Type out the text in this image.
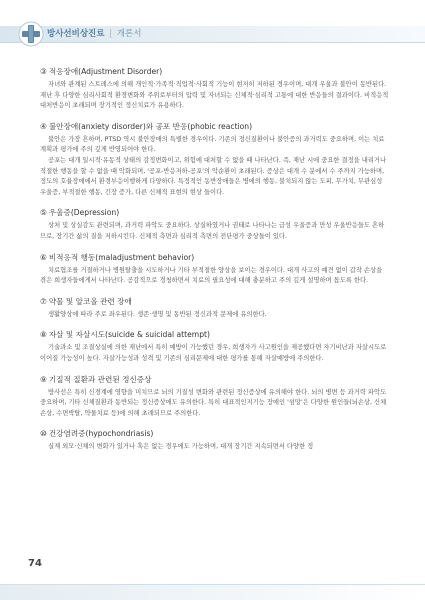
방사선비상진료 | 개론서
③ 적응장애(Adjustment Disorder)
자녀와 관계된 스트레스에 의해 개인적·가족적·직업적·사회적 기능이 현저히 저하된 경우이며, 대개 우울과 불안이 동반된다. 재난 후 다양한 심리사회적 환경변화와 주위로부터의 압력 및 자녀되는 신체적·심리적 고통에 대한 반응들의 결과이다. 비적응적 대처반응이 초래되며 장기적인 정신치료가 유용하다.
④ 불안장애(anxiety disorder)와 공포 반응(phobic reaction)
불안은 가장 흔하며, PTSD 역시 불안장애의 특별한 경우이다. 기존의 정신질환이나 불안증의 과거력도 중요하며, 이는 치료계획과 평가에 주의 깊게 반영되어야 한다.
공포는 대개 일시적·유동적 상태의 감정변화이고, 위험에 대처할 수 없을 때 나타난다. 즉, 재난 시에 중요한 결정을 내리거나 적절한 행동을 할 수 없을 때 악화되며, '공포-반응저하-공포'의 악순환이 초래된다. 증상은 대개 수 분에서 수 주까지 가능하며, 정도의 호율장애에서 환경부응이행하게 다양하다. 특정적인 동반장애들은 병에의 행동, 불치되지 않는 도피, 무가치, 무관심성 우울증, 부적절한 행동, 긴장 증가, 다른 신체적 표현의 현상 들이다.
⑤ 우울증(Depression)
상처 및 상실감도 관련되며, 과거력 파악도 중요하다. 상실하였거나 권태로 나타나는 급성 우울증과 만성 우울반응들도 흔하므로, 장기간 삶의 질을 저하시킨다. 신체적 측면과 심리적 측면의 전단평가 중상들이 있다.
⑥ 비적응적 행동(maladjustment behavior)
치료협조를 거절하거나 병원탈출을 시도하거나 기타 부적절한 양상을 보이는 경우이다. 대개 사고의 예견 없이 갑작 손상을 겪은 희생자들에게서 나타난다. 공감적으로 경청하면서 치료의 필요성에 대해 충분하고 주의 깊게 설명하며 돕도록 한다.
⑦ 약물 및 알코올 관련 장애
생활양상에 따라 주로 좌우된다. 생존·생명 및 동반된 정신과적 문제에 유의한다.
⑧ 자살 및 자살시도(suicide & suicidal attempt)
기술과소 및 조절상실에 의한 재난에서 특히 예방이 가능했던 경우, 희생자가 사고원인을 제공했다면 자기비난과 자살시도로 이어질 가능성이 높다. 자살가능성과 성격 및 기존의 심리문제에 대한 평가를 통해 자살예방에 주의한다.
⑨ 기질적 질환과 관련된 정신증상
방사선은 특히 신경계에 영향을 미치므로 뇌의 기질성 변화와 관련된 정신증상에 유의해야 한다. 뇌의 병변 등 과거력 파악도 중요하며, 기타 신체질환과 동반되는 정신증상에도 유의한다. 특히 대표적인지기능 장애인 '섬망'은 다양한 원인들(뇌손상, 신체손상, 수면박탈, 약물치료 등)에 의해 초래되므로 주의한다.
⑩ 건강염려증(hypochondriasis)
실제 외모·신체의 변화가 있거나 혹은 없는 경우에도 가능하며, 대개 장기간 지속되면서 다양한 정
74
